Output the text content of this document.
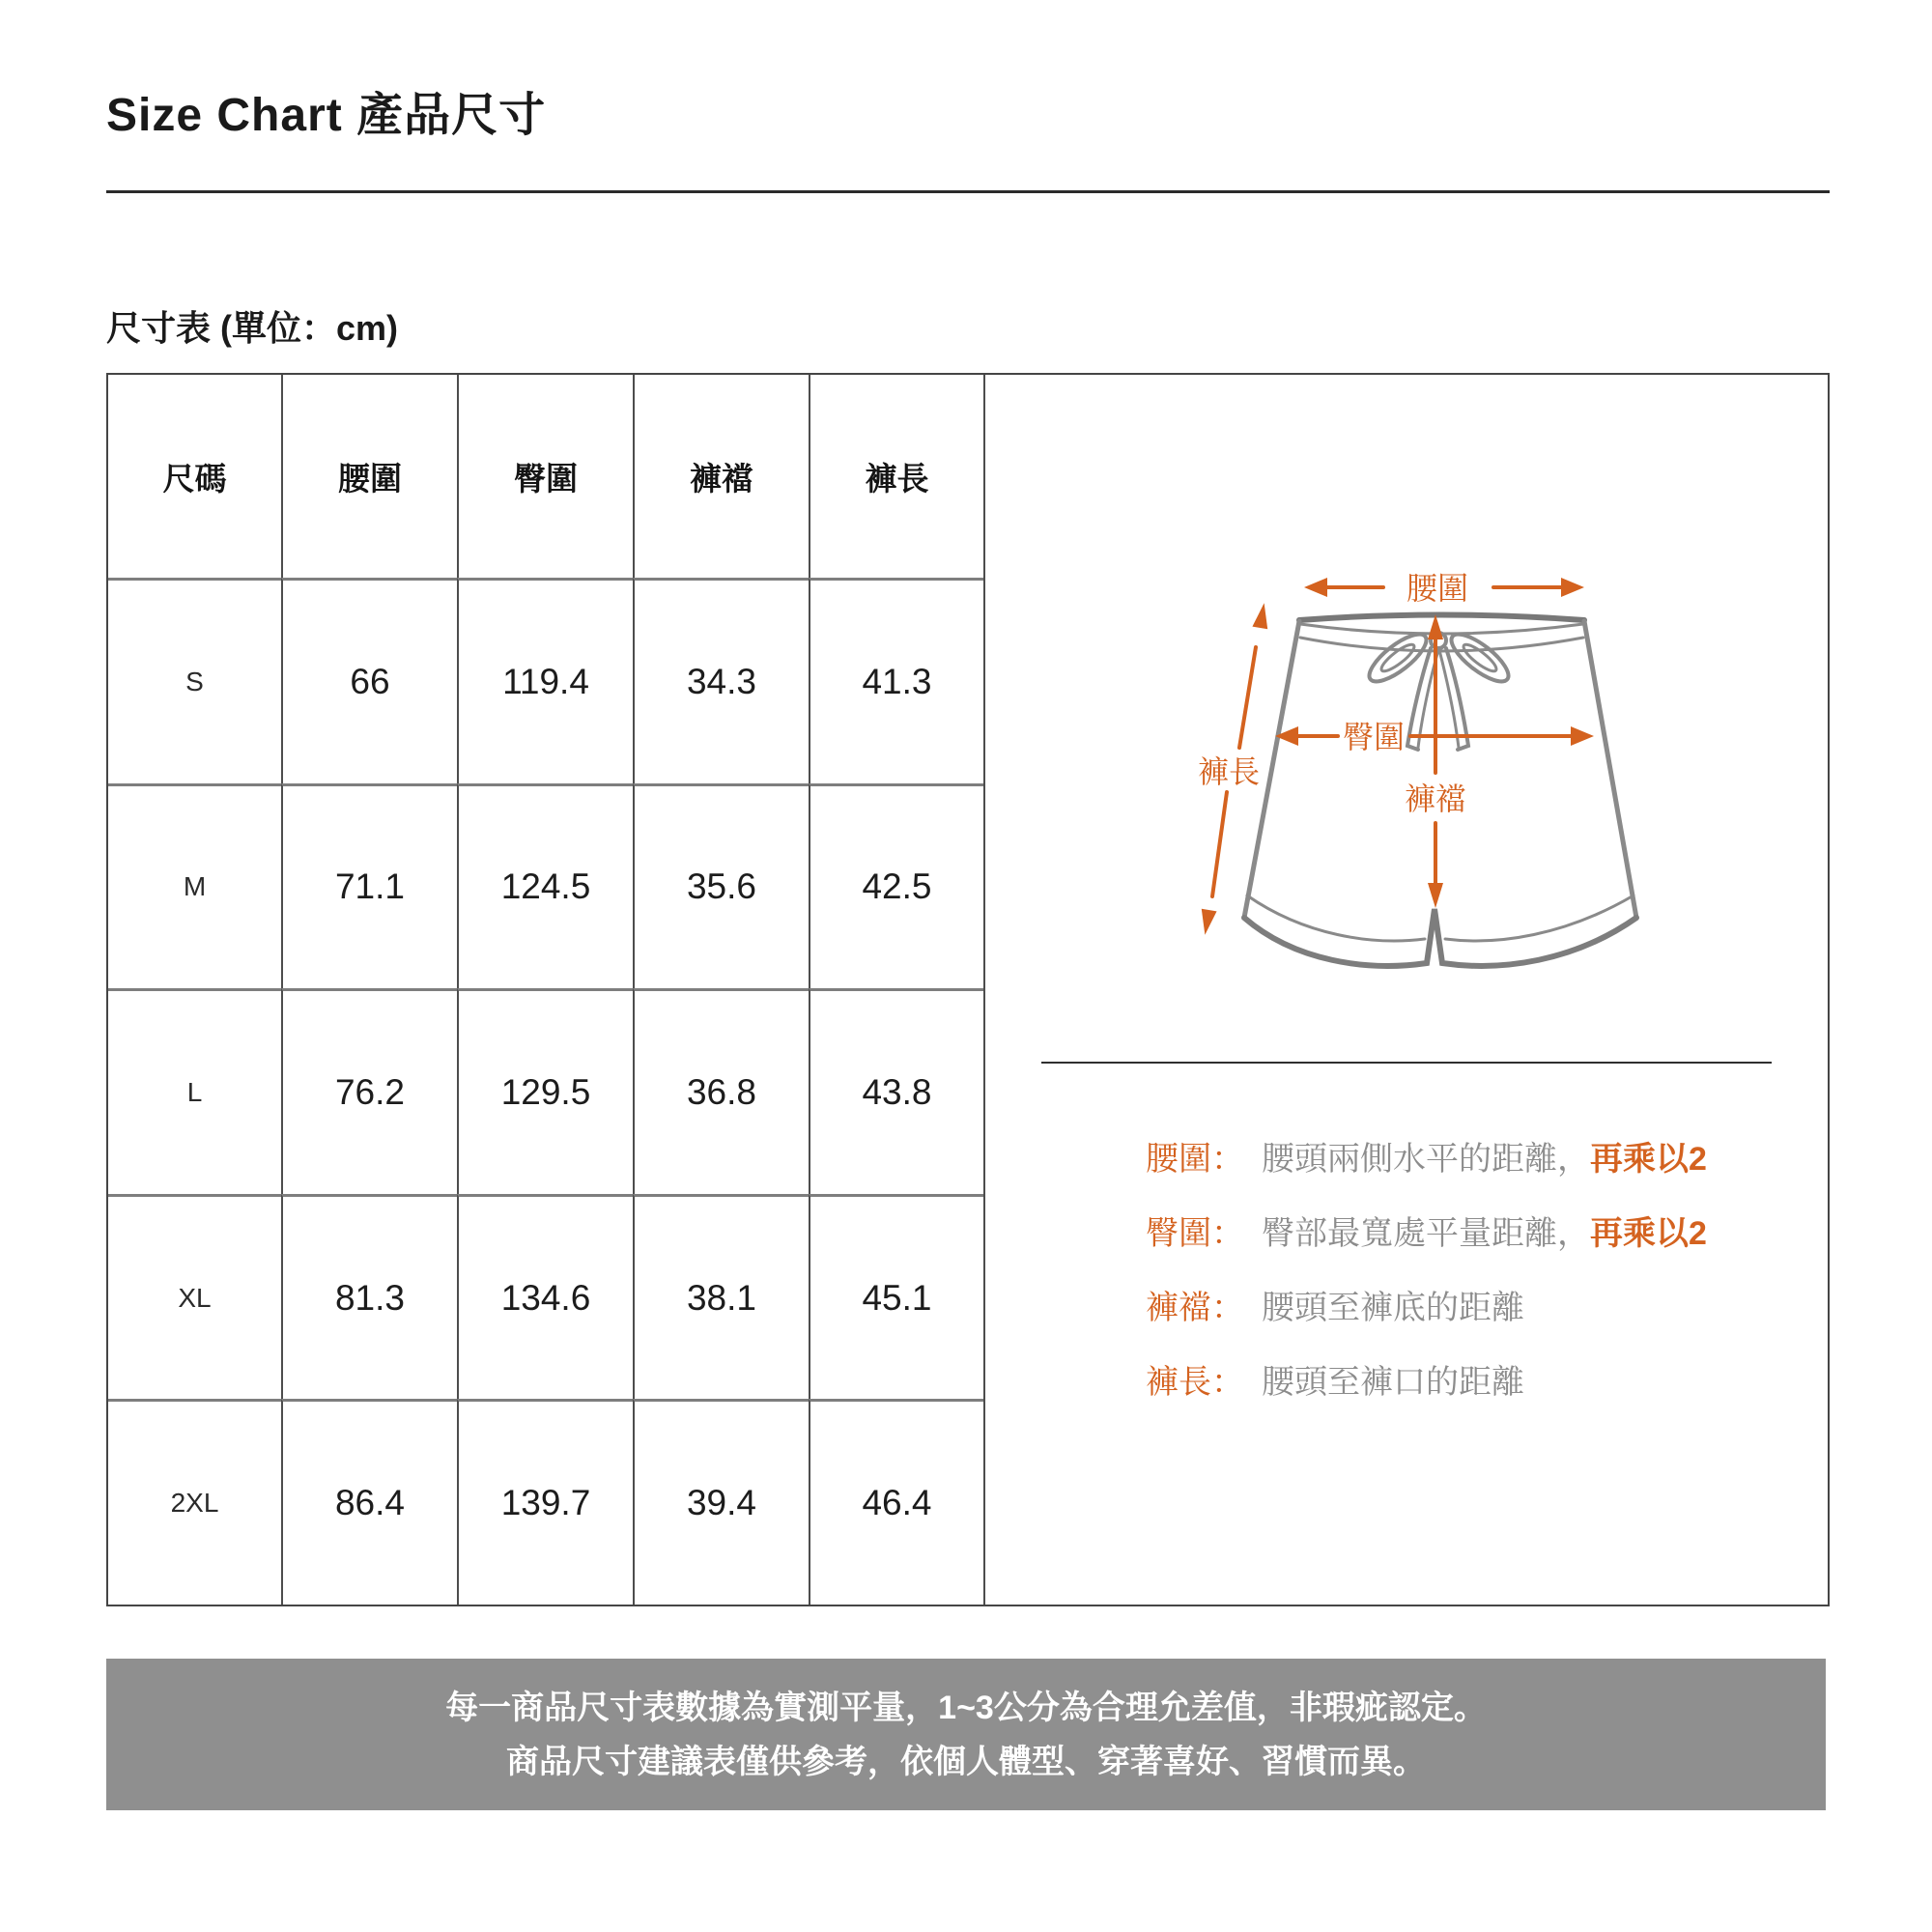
Size Chart 產品尺寸
尺寸表 (單位：cm)
尺碼	腰圍	臀圍	褲襠	褲長
S	66	119.4	34.3	41.3
M	71.1	124.5	35.6	42.5
L	76.2	129.5	36.8	43.8
XL	81.3	134.6	38.1	45.1
2XL	86.4	139.7	39.4	46.4
腰圍
褲長
臀圍
褲襠
腰圍： 腰頭兩側水平的距離， 再乘以2
臀圍： 臀部最寬處平量距離， 再乘以2
褲襠： 腰頭至褲底的距離
褲長： 腰頭至褲口的距離
每一商品尺寸表數據為實測平量，1~3公分為合理允差值，非瑕疵認定。
商品尺寸建議表僅供參考，依個人體型、穿著喜好、習慣而異。
